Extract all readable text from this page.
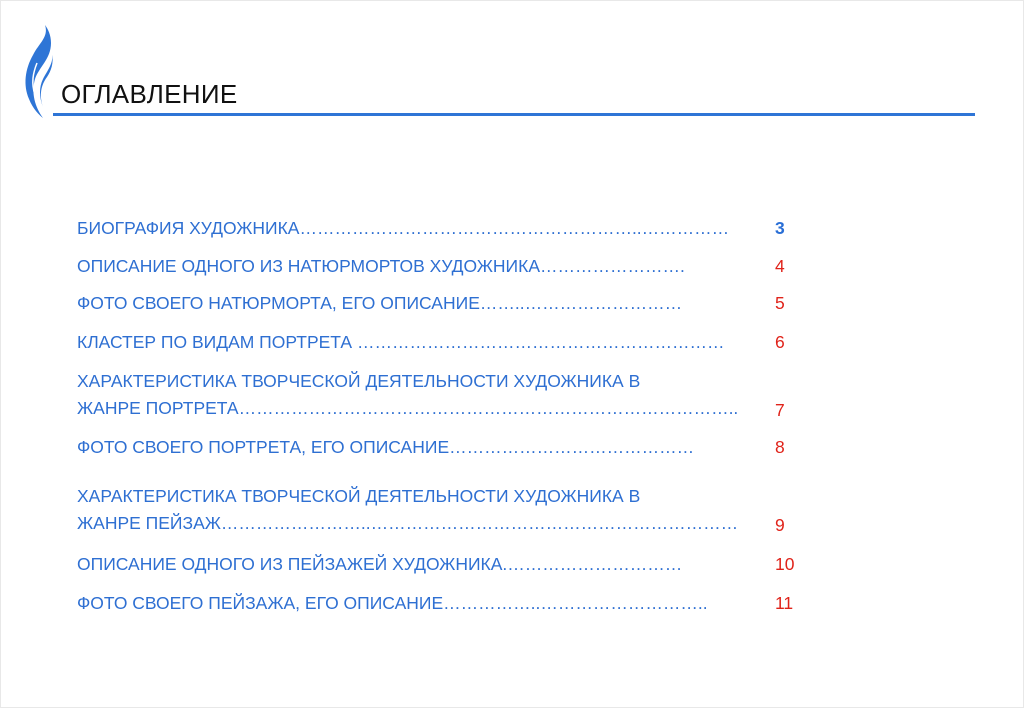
ОГЛАВЛЕНИЕ
БИОГРАФИЯ ХУДОЖНИКА…………………………………………………..……………	3
ОПИСАНИЕ ОДНОГО ИЗ НАТЮРМОРТОВ ХУДОЖНИКА…………………….	4
ФОТО СВОЕГО НАТЮРМОРТА, ЕГО ОПИСАНИЕ……..………………………	5
КЛАСТЕР ПО ВИДАМ ПОРТРЕТА ………………………………………………………	6
ХАРАКТЕРИСТИКА ТВОРЧЕСКОЙ ДЕЯТЕЛЬНОСТИ ХУДОЖНИКА В
ЖАНРЕ ПОРТРЕТА…………………………………………………………………………..	7
ФОТО СВОЕГО ПОРТРЕТА, ЕГО ОПИСАНИЕ……………………………………	8
ХАРАКТЕРИСТИКА ТВОРЧЕСКОЙ ДЕЯТЕЛЬНОСТИ ХУДОЖНИКА В
ЖАНРЕ ПЕЙЗАЖ……………………..………………………………………………………	9
ОПИСАНИЕ ОДНОГО ИЗ ПЕЙЗАЖЕЙ ХУДОЖНИКА.…………………………	10
ФОТО СВОЕГО ПЕЙЗАЖА, ЕГО ОПИСАНИЕ……………..………………………..	11
